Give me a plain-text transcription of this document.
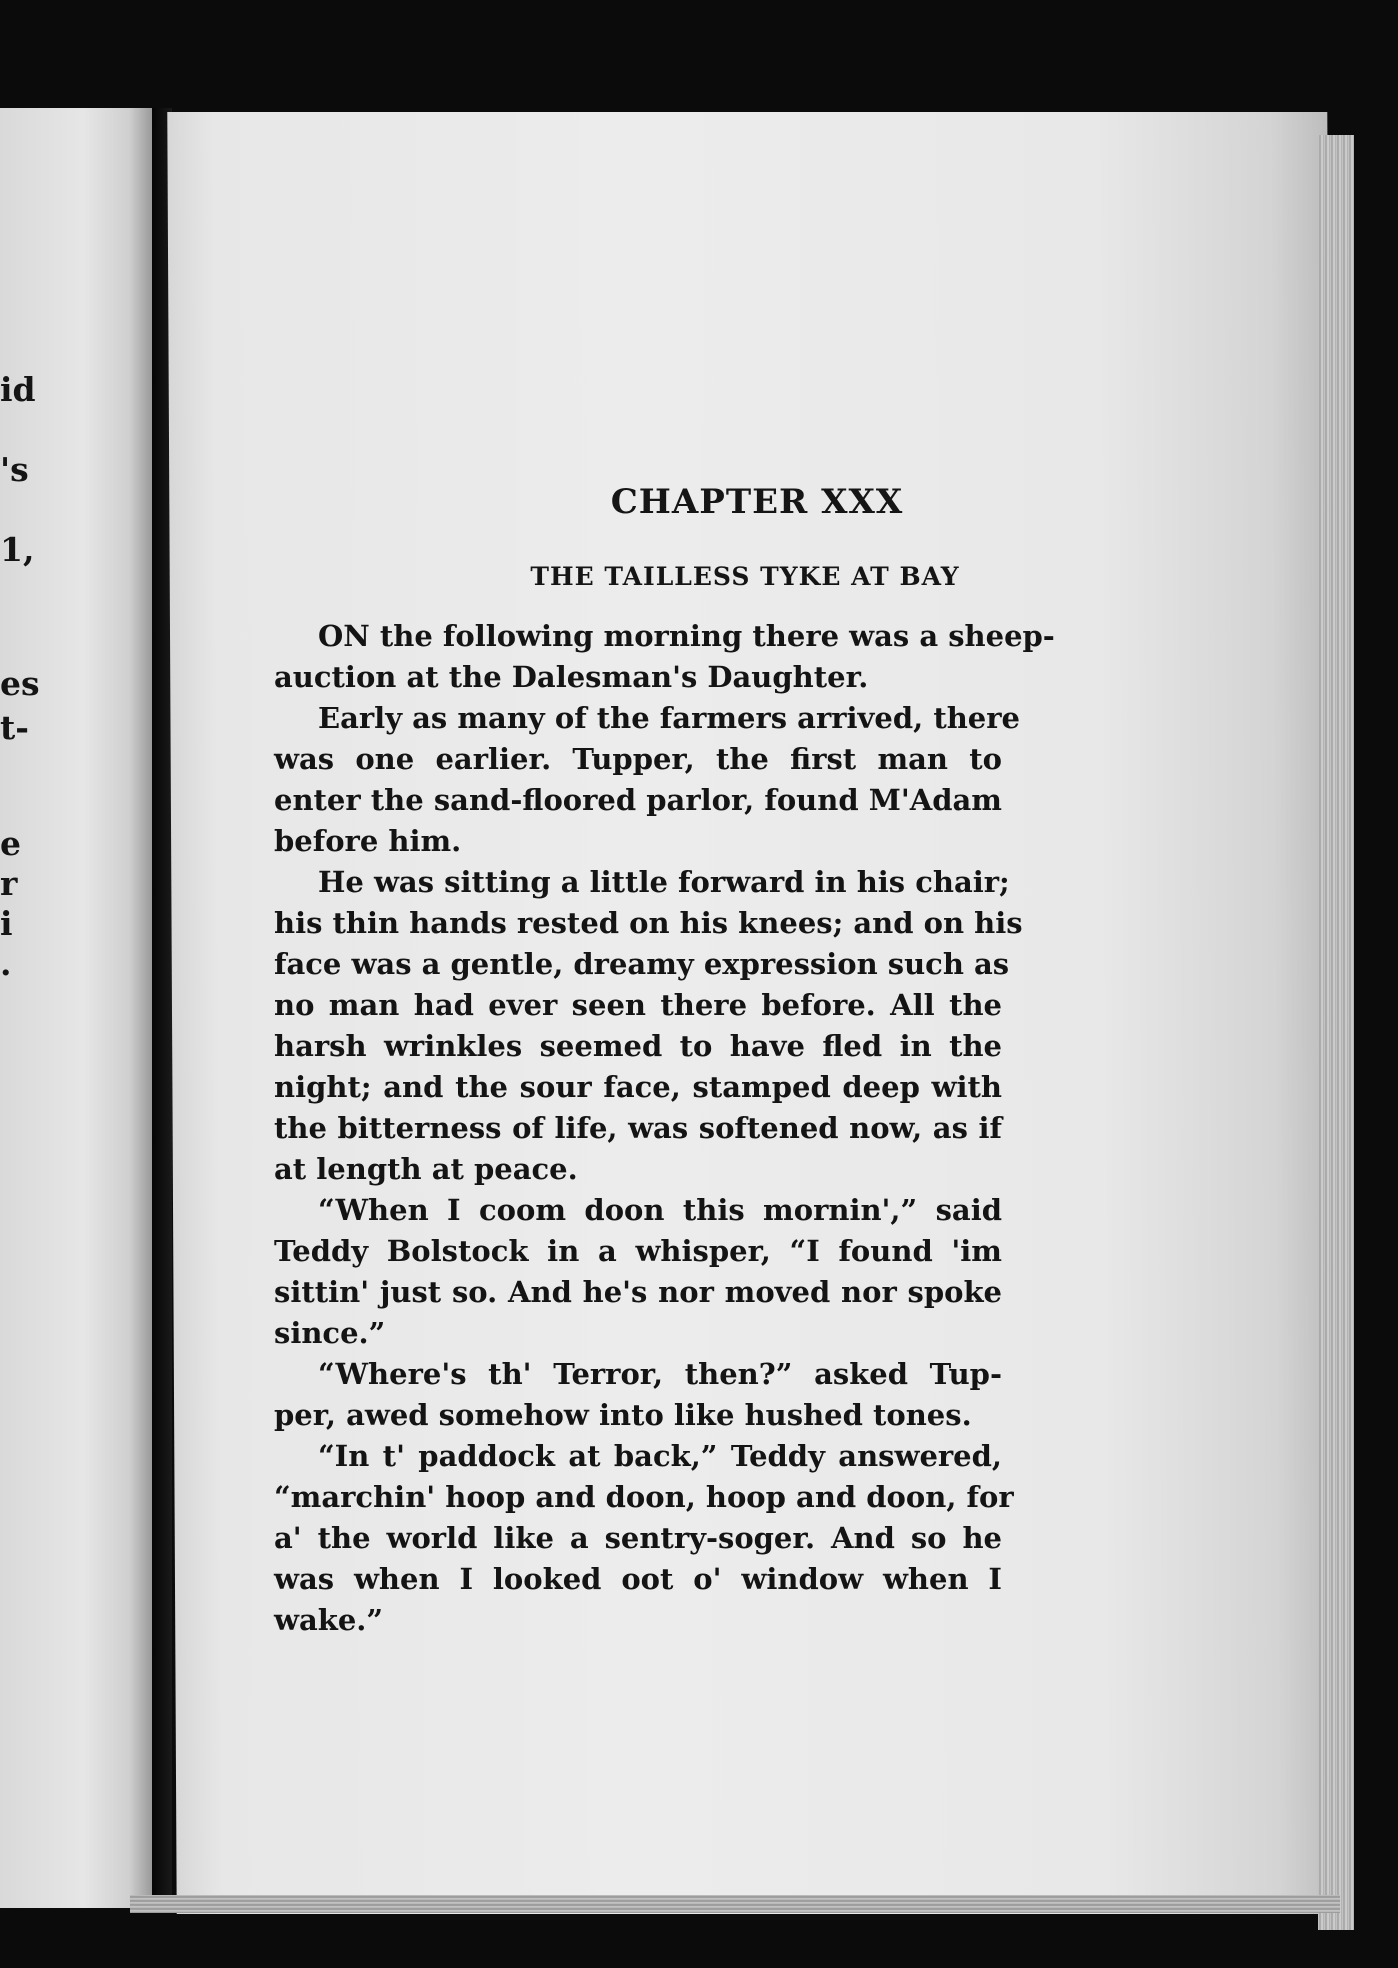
id
's
1,
es
t-
e
r
i
.
CHAPTER XXX
THE TAILLESS TYKE AT BAY
ON the following morning there was a sheep-
auction at the Dalesman's Daughter.
Early as many of the farmers arrived, there
was one earlier. Tupper, the first man to
enter the sand-floored parlor, found M'Adam
before him.
He was sitting a little forward in his chair;
his thin hands rested on his knees; and on his
face was a gentle, dreamy expression such as
no man had ever seen there before. All the
harsh wrinkles seemed to have fled in the
night; and the sour face, stamped deep with
the bitterness of life, was softened now, as if
at length at peace.
“When I coom doon this mornin',” said
Teddy Bolstock in a whisper, “I found 'im
sittin' just so. And he's nor moved nor spoke
since.”
“Where's th' Terror, then?” asked Tup-
per, awed somehow into like hushed tones.
“In t' paddock at back,” Teddy answered,
“marchin' hoop and doon, hoop and doon, for
a' the world like a sentry-soger. And so he
was when I looked oot o' window when I
wake.”
